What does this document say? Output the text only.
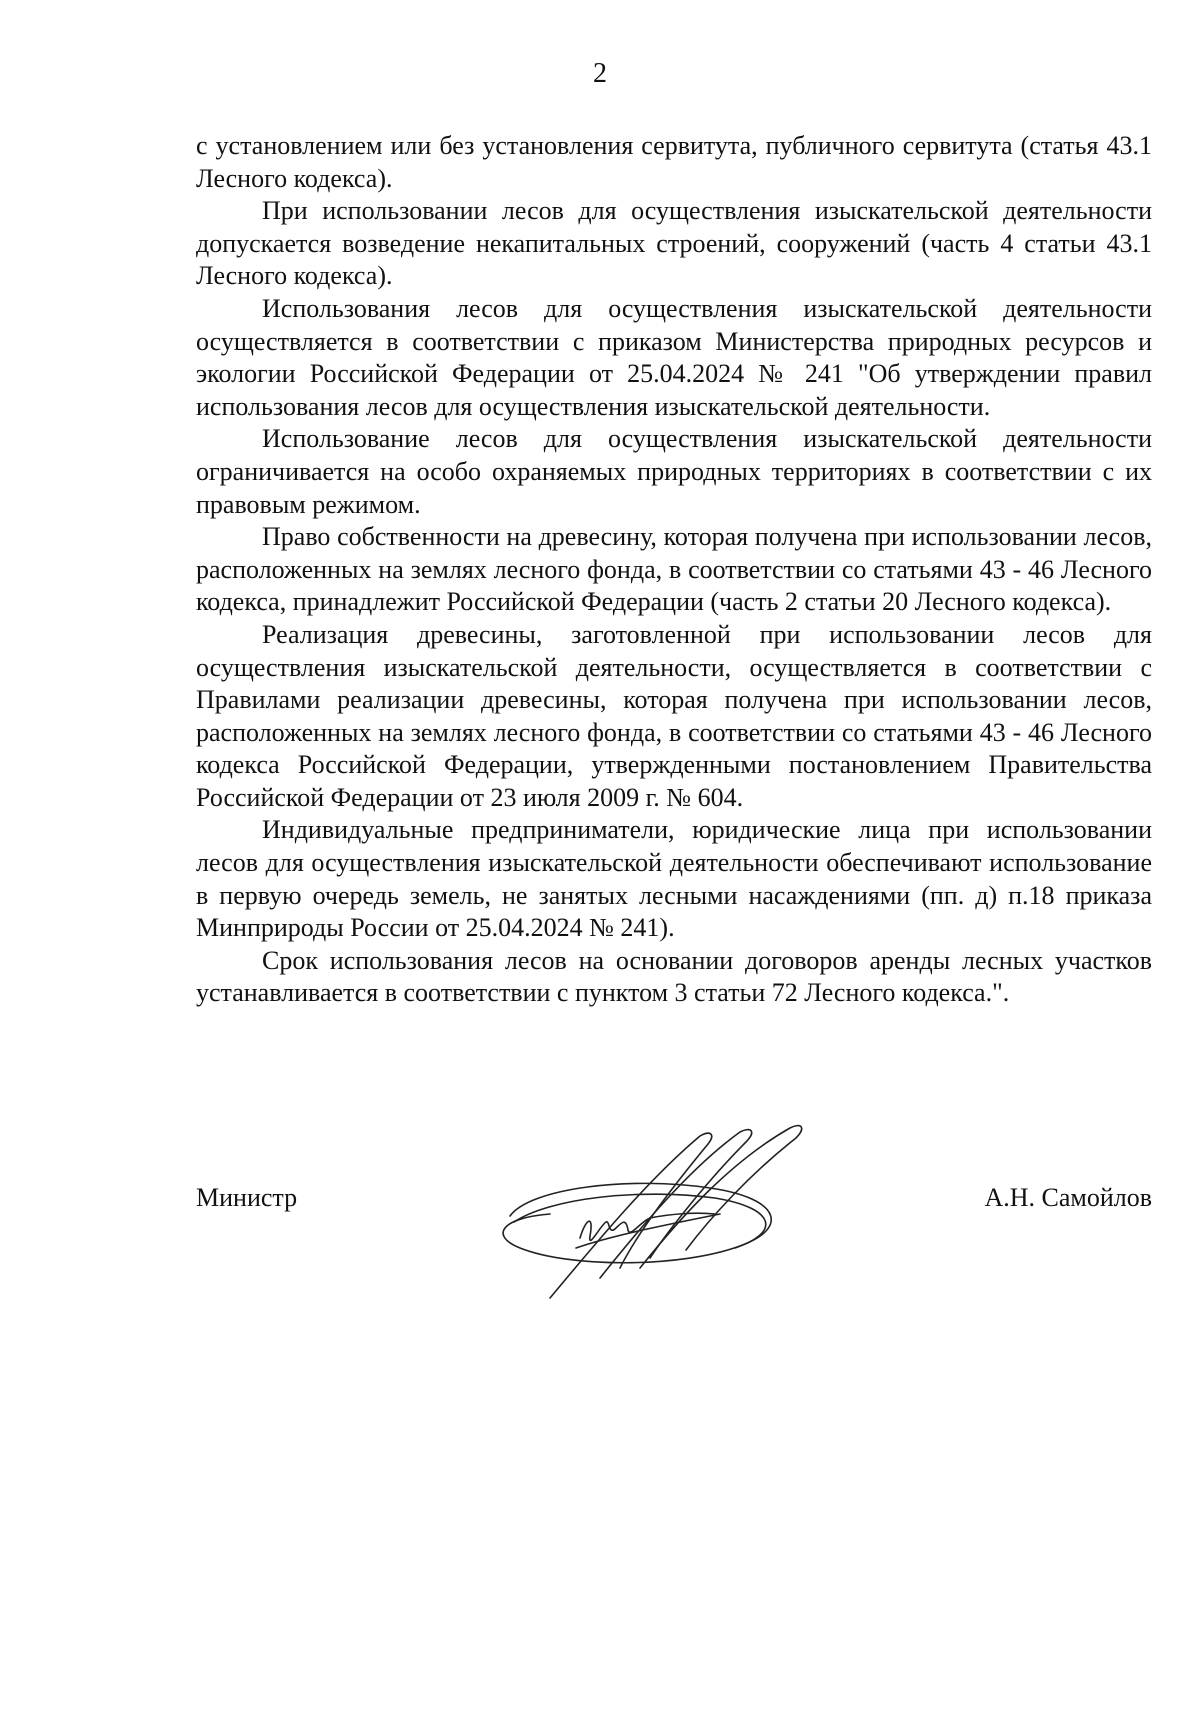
2

с установлением или без установления сервитута, публичного сервитута (статья 43.1 Лесного кодекса).

При использовании лесов для осуществления изыскательской деятельности допускается возведение некапитальных строений, сооружений (часть 4 статьи 43.1 Лесного кодекса).

Использования лесов для осуществления изыскательской деятельности осуществляется в соответствии с приказом Министерства природных ресурсов и экологии Российской Федерации от 25.04.2024 № 241 "Об утверждении правил использования лесов для осуществления изыскательской деятельности.

Использование лесов для осуществления изыскательской деятельности ограничивается на особо охраняемых природных территориях в соответствии с их правовым режимом.

Право собственности на древесину, которая получена при использовании лесов, расположенных на землях лесного фонда, в соответствии со статьями 43 - 46 Лесного кодекса, принадлежит Российской Федерации (часть 2 статьи 20 Лесного кодекса).

Реализация древесины, заготовленной при использовании лесов для осуществления изыскательской деятельности, осуществляется в соответствии с Правилами реализации древесины, которая получена при использовании лесов, расположенных на землях лесного фонда, в соответствии со статьями 43 - 46 Лесного кодекса Российской Федерации, утвержденными постановлением Правительства Российской Федерации от 23 июля 2009 г. № 604.

Индивидуальные предприниматели, юридические лица при использовании лесов для осуществления изыскательской деятельности обеспечивают использование в первую очередь земель, не занятых лесными насаждениями (пп. д) п.18 приказа Минприроды России от 25.04.2024 № 241).

Срок использования лесов на основании договоров аренды лесных участков устанавливается в соответствии с пунктом 3 статьи 72 Лесного кодекса.".

Министр	А.Н. Самойлов
